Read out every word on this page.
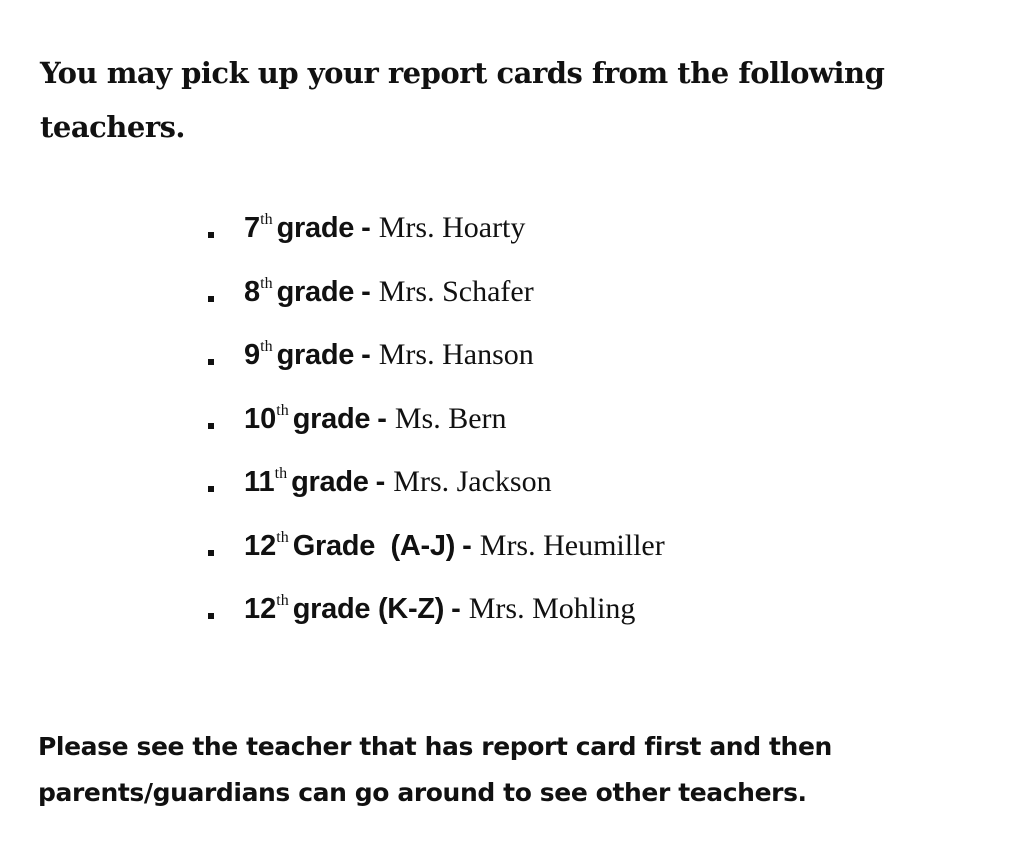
You may pick up your report cards from the following teachers.

7 th grade - Mrs. Hoarty
8 th grade - Mrs. Schafer
9 th grade - Mrs. Hanson
10 th grade - Ms. Bern
11 th grade - Mrs. Jackson
12 th Grade  (A-J) - Mrs. Heumiller
12 th grade (K-Z) - Mrs. Mohling

Please see the teacher that has report card first and then parents/guardians can go around to see other teachers.
